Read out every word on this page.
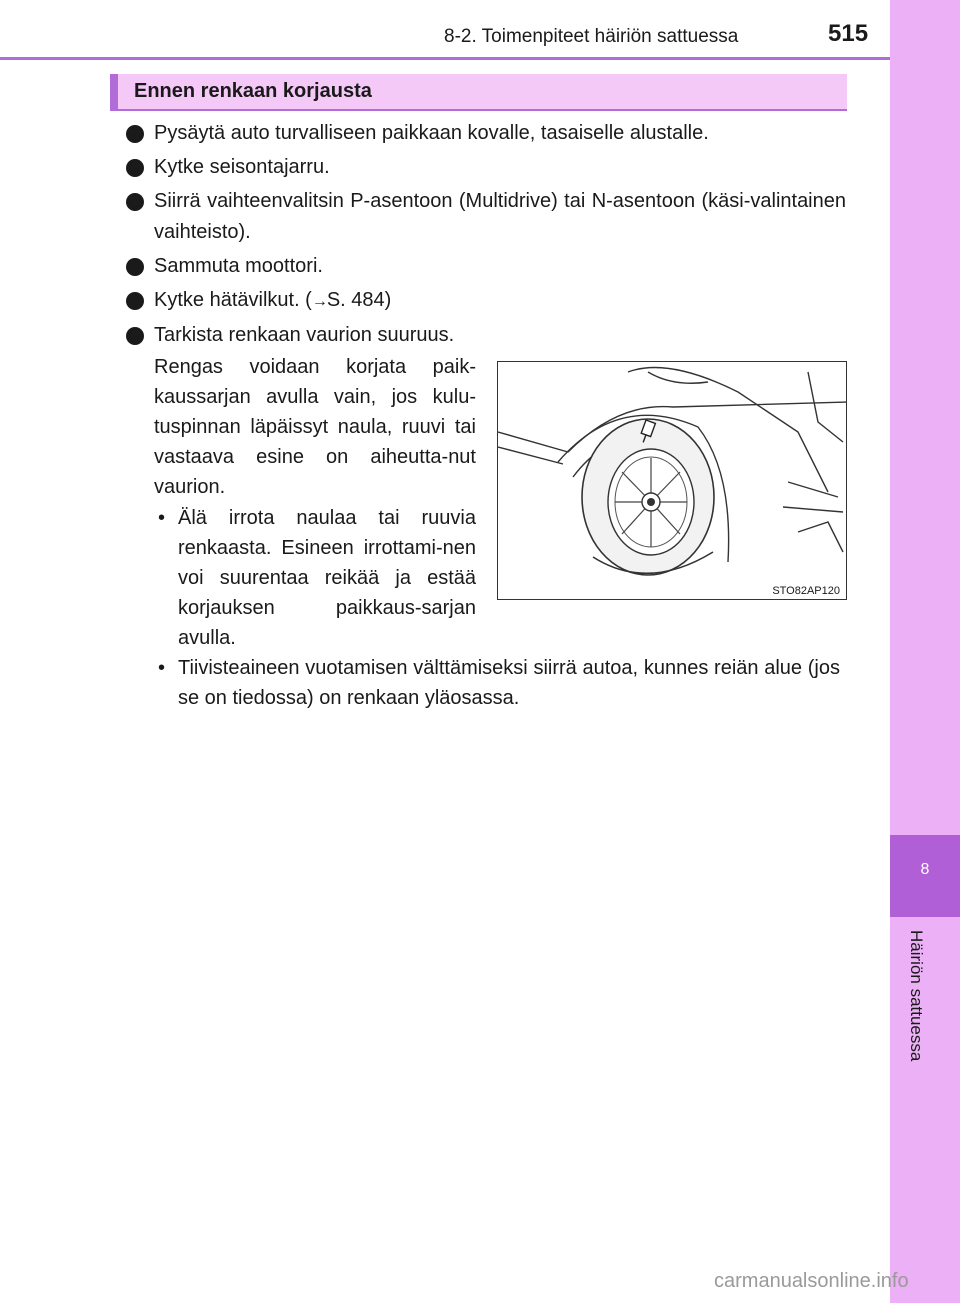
8-2. Toimenpiteet häiriön sattuessa	515
8
Häiriön sattuessa
Ennen renkaan korjausta
Pysäytä auto turvalliseen paikkaan kovalle, tasaiselle alustalle.
Kytke seisontajarru.
Siirrä vaihteenvalitsin P-asentoon (Multidrive) tai N-asentoon (käsi-valintainen vaihteisto).
Sammuta moottori.
Kytke hätävilkut. (→S. 484)
Tarkista renkaan vaurion suuruus.
Rengas voidaan korjata paik-kaussarjan avulla vain, jos kulu-tuspinnan läpäissyt naula, ruuvi tai vastaava esine on aiheutta-nut vaurion.
• Älä irrota naulaa tai ruuvia renkaasta. Esineen irrottami-nen voi suurentaa reikää ja estää korjauksen paikkaus-sarjan avulla.
• Tiivisteaineen vuotamisen välttämiseksi siirrä autoa, kunnes reiän alue (jos se on tiedossa) on renkaan yläosassa.
STO82AP120
carmanualsonline.info
